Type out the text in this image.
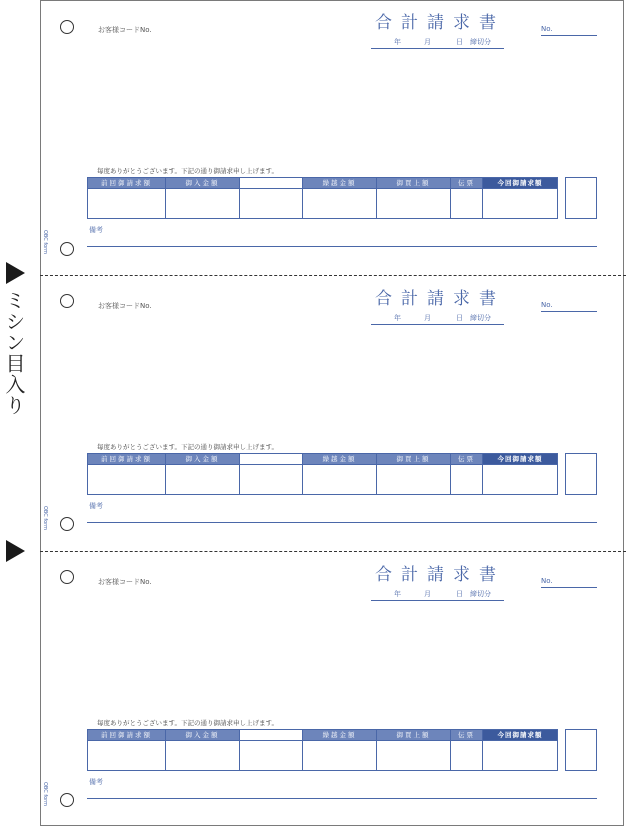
ミシン目入り
OBC form
お客様コードNo.	合計請求書
年	月	日 締切分
No.
毎度ありがとうございます。下記の通り御請求申し上げます。
前回御請求額	御入金額	繰越金額	御買上額	伝票	今回御請求額
備考
OBC form
お客様コードNo.	合計請求書
年	月	日 締切分
No.
毎度ありがとうございます。下記の通り御請求申し上げます。
前回御請求額	御入金額	繰越金額	御買上額	伝票	今回御請求額
備考
OBC form
お客様コードNo.	合計請求書
年	月	日 締切分
No.
毎度ありがとうございます。下記の通り御請求申し上げます。
前回御請求額	御入金額	繰越金額	御買上額	伝票	今回御請求額
備考
